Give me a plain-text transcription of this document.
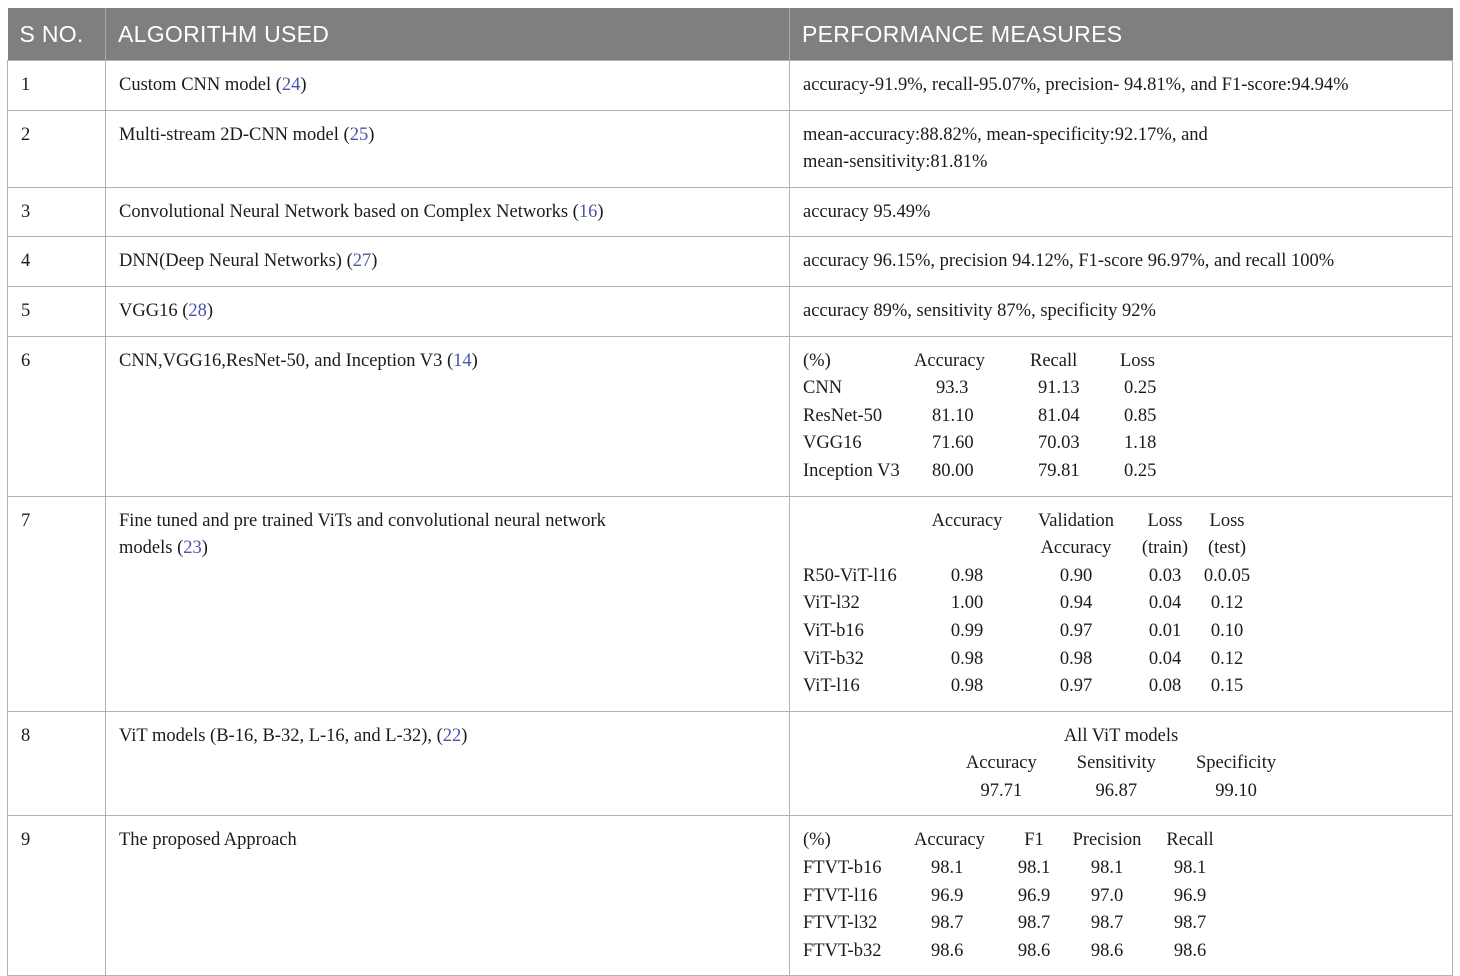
S NO.	ALGORITHM USED	PERFORMANCE MEASURES
1	Custom CNN model (24)	accuracy-91.9%, recall-95.07%, precision- 94.81%, and F1-score:94.94%
2	Multi-stream 2D-CNN model (25)	mean-accuracy:88.82%, mean-specificity:92.17%, and
mean-sensitivity:81.81%

3	Convolutional Neural Network based on Complex Networks (16)	accuracy 95.49%
4	DNN(Deep Neural Networks) (27)	accuracy 96.15%, precision 94.12%, F1-score 96.97%, and recall 100%
5	VGG16 (28)	accuracy 89%, sensitivity 87%, specificity 92%
6	CNN,VGG16,ResNet-50, and Inception V3 (14)		(%)	Accuracy	Recall	Loss
CNN	93.3	91.13	0.25
ResNet-50	81.10	81.04	0.85
VGG16	71.60	70.03	1.18
Inception V3	80.00	79.81	0.25

7	Fine tuned and pre trained ViTs and convolutional neural network
models (23)

	Accuracy	Validation	Loss	Loss
		Accuracy	(train)	(test)
R50-ViT-l16	0.98	0.90	0.03	0.0.05
ViT-l32	1.00	0.94	0.04	0.12
ViT-b16	0.99	0.97	0.01	0.10
ViT-b32	0.98	0.98	0.04	0.12
ViT-l16	0.98	0.97	0.08	0.15

8	ViT models (B-16, B-32, L-16, and L-32), (22)	All ViT models
Accuracy	Sensitivity	Specificity
97.71	96.87	99.10

9	The proposed Approach		(%)	Accuracy	F1	Precision	Recall
FTVT-b16	98.1	98.1	98.1	98.1
FTVT-l16	96.9	96.9	97.0	96.9
FTVT-l32	98.7	98.7	98.7	98.7
FTVT-b32	98.6	98.6	98.6	98.6
